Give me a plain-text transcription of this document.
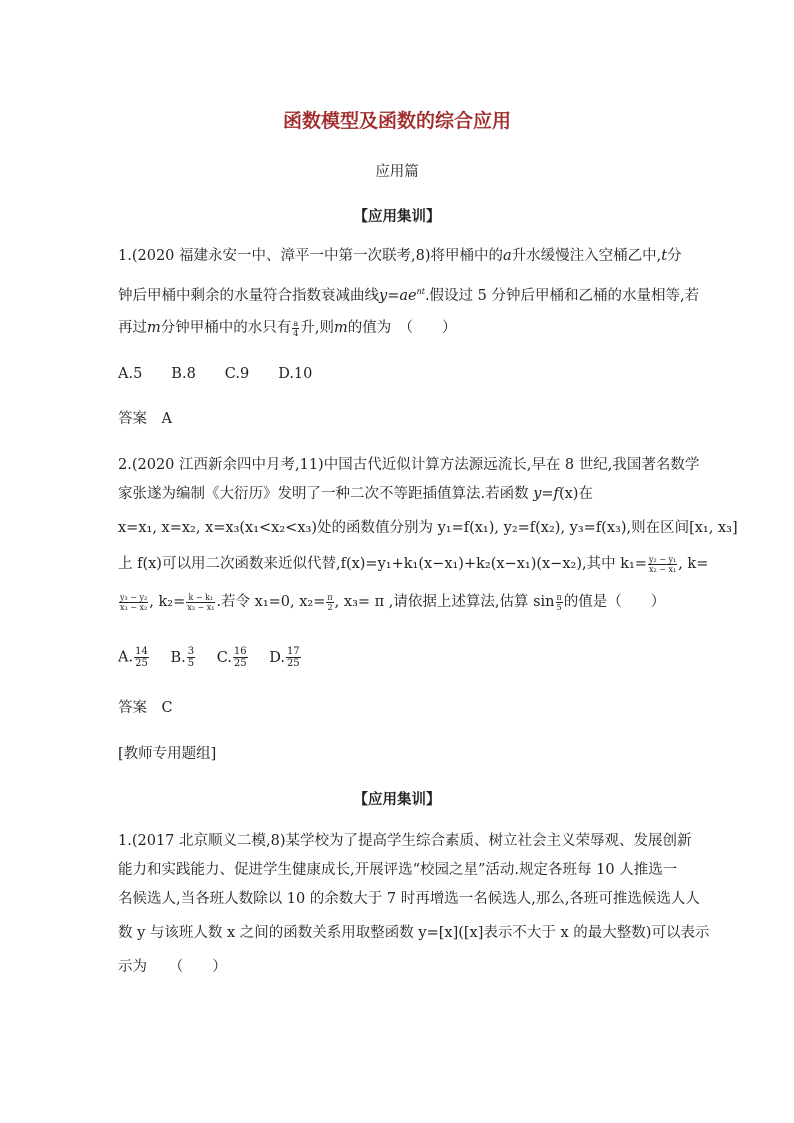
函数模型及函数的综合应用
应用篇
【应用集训】
1.(2020 福建永安一中、漳平一中第一次联考,8)将甲桶中的a升水缓慢注入空桶乙中,t分
钟后甲桶中剩余的水量符合指数衰减曲线$y=ae^{nt}$.假设过 5 分钟后甲桶和乙桶的水量相等,若
再过m分钟甲桶中的水只有 $\frac{a}{4}$ 升,则m的值为　（　　）
A.5　　B.8　　C.9　　D.10
答案　A
2.(2020 江西新余四中月考,11)中国古代近似计算方法源远流长,早在 8 世纪,我国著名数学
家张遂为编制《大衍历》发明了一种二次不等距插值算法.若函数 y=f(x)在
x=x₁, x=x₂, x=x₃(x₁<x₂<x₃)处的函数值分别为 y₁=f(x₁), y₂=f(x₂), y₃=f(x₃),则在区间[x₁, x₃]
上 f(x)可以用二次函数来近似代替,f(x)=y₁+k₁(x−x₁)+k₂(x−x₁)(x−x₂),其中 $k_1= \frac{\text{y₂ − y₁}}{\text{x₂ − x₁}}$ , k=
$\frac{\text{y₃ − y₂}}{\text{x₃ − x₂}}$ , $k_2= \frac{\text{k − k₁}}{\text{x₃ − x₁}}$ .若令 x₁=0, $x_2= \frac{\pi}{2}$ , x₃= π ,请依据上述算法,估算 $\sin \frac{\pi}{5}$ 的值是（　　）
A. $\frac{14}{25} B$. $\frac{3}{5} C$. $\frac{16}{25} D$. $\frac{17}{25}$
答案　C
[教师专用题组]
【应用集训】
1.(2017 北京顺义二模,8)某学校为了提高学生综合素质、树立社会主义荣辱观、发展创新
能力和实践能力、促进学生健康成长,开展评选“校园之星”活动.规定各班每 10 人推选一
名候选人,当各班人数除以 10 的余数大于 7 时再增选一名候选人,那么,各班可推选候选人人
数 y 与该班人数 x 之间的函数关系用取整函数 y=[x]([x]表示不大于 x 的最大整数)可以表示
示为　　（　　）
